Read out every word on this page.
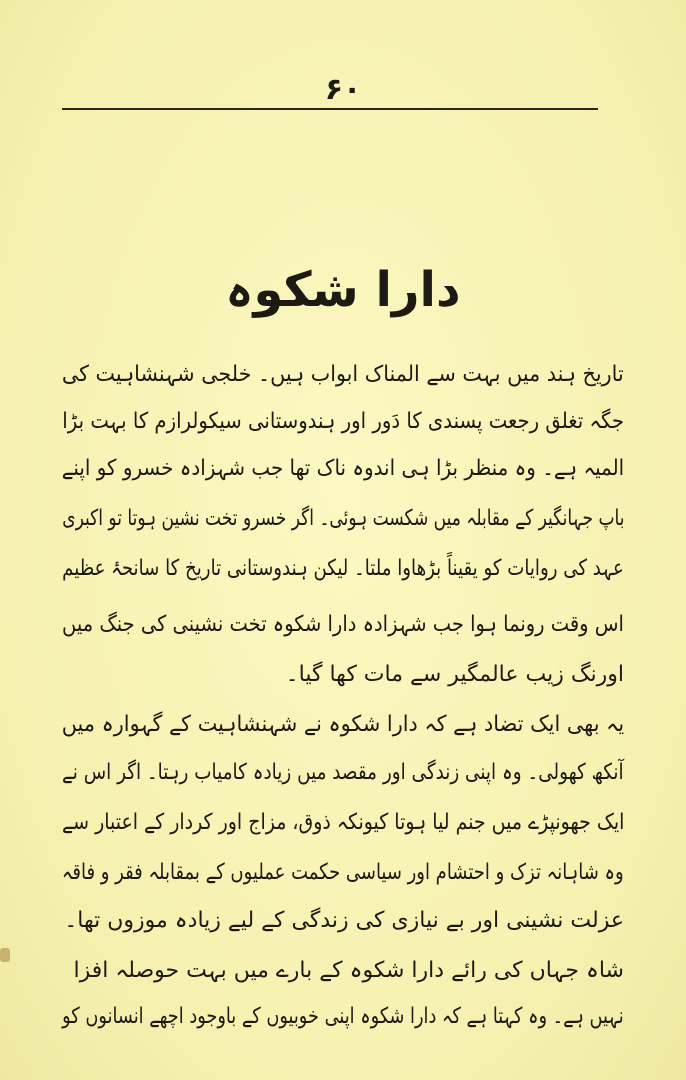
۶۰
دارا شکوہ
تاریخ ہند میں بہت سے المناک ابواب ہیں۔ خلجی شہنشاہیت کی
جگہ تغلق رجعت پسندی کا دَور اور ہندوستانی سیکولرازم کا بہت بڑا
المیہ ہے۔ وہ منظر بڑا ہی اندوہ ناک تھا جب شہزادہ خسرو کو اپنے
باپ جہانگیر کے مقابلہ میں شکست ہوئی۔ اگر خسرو تخت نشین ہوتا تو اکبری
عہد کی روایات کو یقیناً بڑھاوا ملتا۔ لیکن ہندوستانی تاریخ کا سانحۂ عظیم
اس وقت رونما ہوا جب شہزادہ دارا شکوہ تخت نشینی کی جنگ میں
اورنگ زیب عالمگیر سے مات کھا گیا۔
یہ بھی ایک تضاد ہے کہ دارا شکوہ نے شہنشاہیت کے گہوارہ میں
آنکھ کھولی۔ وہ اپنی زندگی اور مقصد میں زیادہ کامیاب رہتا۔ اگر اس نے
ایک جھونپڑے میں جنم لیا ہوتا کیونکہ ذوق، مزاج اور کردار کے اعتبار سے
وہ شاہانہ تزک و احتشام اور سیاسی حکمت عملیوں کے بمقابلہ فقر و فاقہ
عزلت نشینی اور بے نیازی کی زندگی کے لیے زیادہ موزوں تھا۔
شاہ جہاں کی رائے دارا شکوہ کے بارے میں بہت حوصلہ افزا
نہیں ہے۔ وہ کہتا ہے کہ دارا شکوہ اپنی خوبیوں کے باوجود اچھے انسانوں کو
